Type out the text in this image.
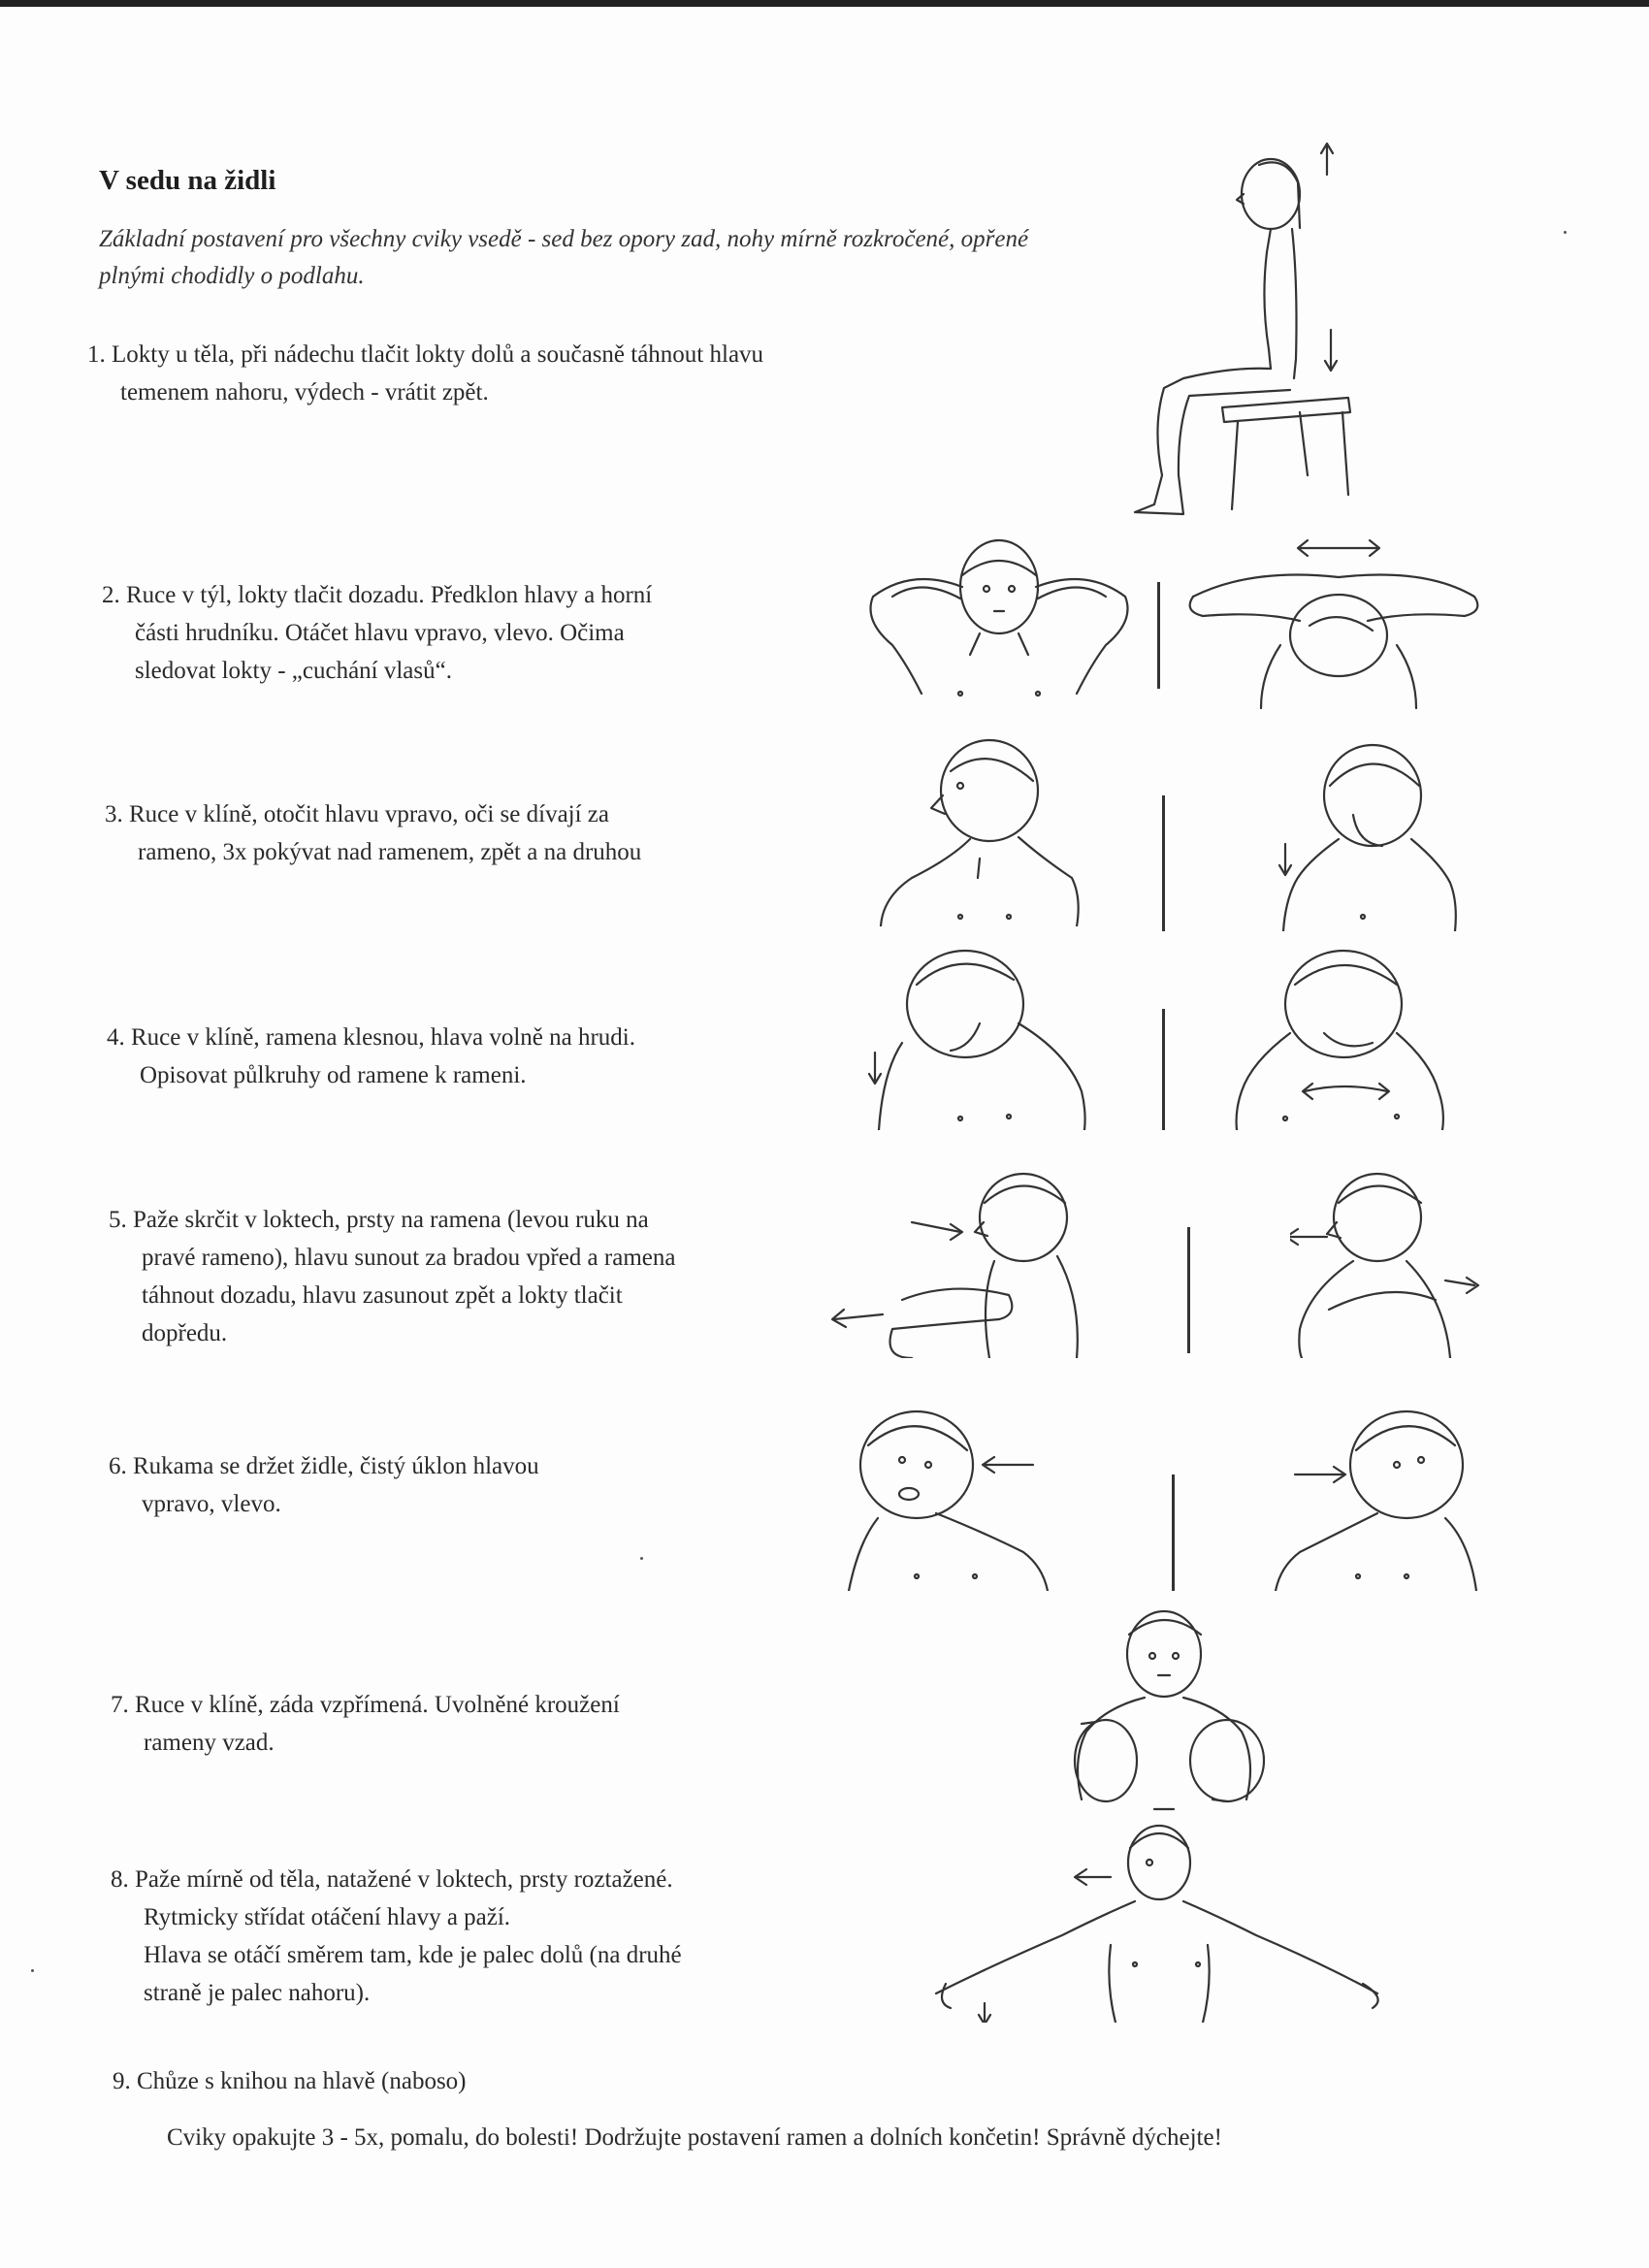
V sedu na židli
Základní postavení pro všechny cviky vsedě - sed bez opory zad, nohy mírně rozkročené, opřené plnými chodidly o podlahu.
1. Lokty u těla, při nádechu tlačit lokty dolů a současně táhnout hlavu
temenem nahoru, výdech - vrátit zpět.
2. Ruce v týl, lokty tlačit dozadu. Předklon hlavy a horní
části hrudníku. Otáčet hlavu vpravo, vlevo. Očima
sledovat lokty - „cuchání vlasů“.
3. Ruce v klíně, otočit hlavu vpravo, oči se dívají za
rameno, 3x pokývat nad ramenem, zpět a na druhou
4. Ruce v klíně, ramena klesnou, hlava volně na hrudi.
Opisovat půlkruhy od ramene k rameni.
5. Paže skrčit v loktech, prsty na ramena (levou ruku na
pravé rameno), hlavu sunout za bradou vpřed a ramena
táhnout dozadu, hlavu zasunout zpět a lokty tlačit
dopředu.
6. Rukama se držet židle, čistý úklon hlavou
vpravo, vlevo.
7. Ruce v klíně, záda vzpřímená. Uvolněné kroužení
rameny vzad.
8. Paže mírně od těla, natažené v loktech, prsty roztažené.
Rytmicky střídat otáčení hlavy a paží.
Hlava se otáčí směrem tam, kde je palec dolů (na druhé
straně je palec nahoru).
9. Chůze s knihou na hlavě (naboso)
Cviky opakujte 3 - 5x, pomalu, do bolesti! Dodržujte postavení ramen a dolních končetin! Správně dýchejte!
